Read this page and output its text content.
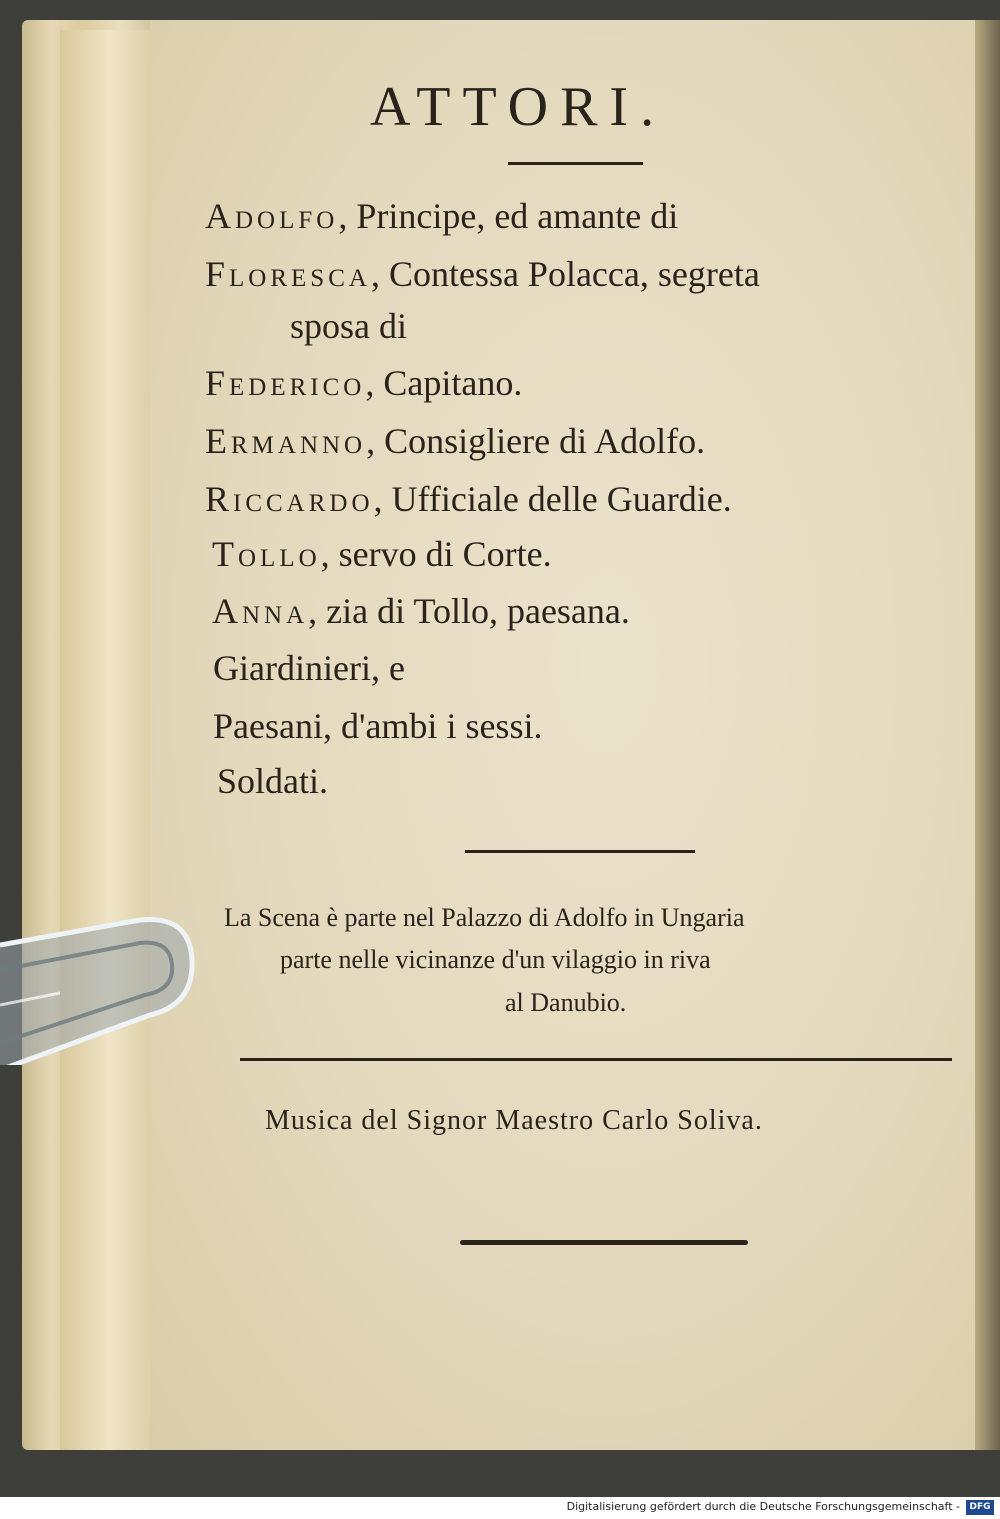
ATTORI.
Adolfo, Principe, ed amante di
Floresca, Contessa Polacca, segreta
sposa di
Federico, Capitano.
Ermanno, Consigliere di Adolfo.
Riccardo, Ufficiale delle Guardie.
Tollo, servo di Corte.
Anna, zia di Tollo, paesana.
Giardinieri, e
Paesani, d'ambi i sessi.
Soldati.
La Scena è parte nel Palazzo di Adolfo in Ungaria
parte nelle vicinanze d'un vilaggio in riva
al Danubio.
Musica del Signor Maestro Carlo Soliva.
Digitalisierung gefördert durch die Deutsche Forschungsgemeinschaft -	DFG
